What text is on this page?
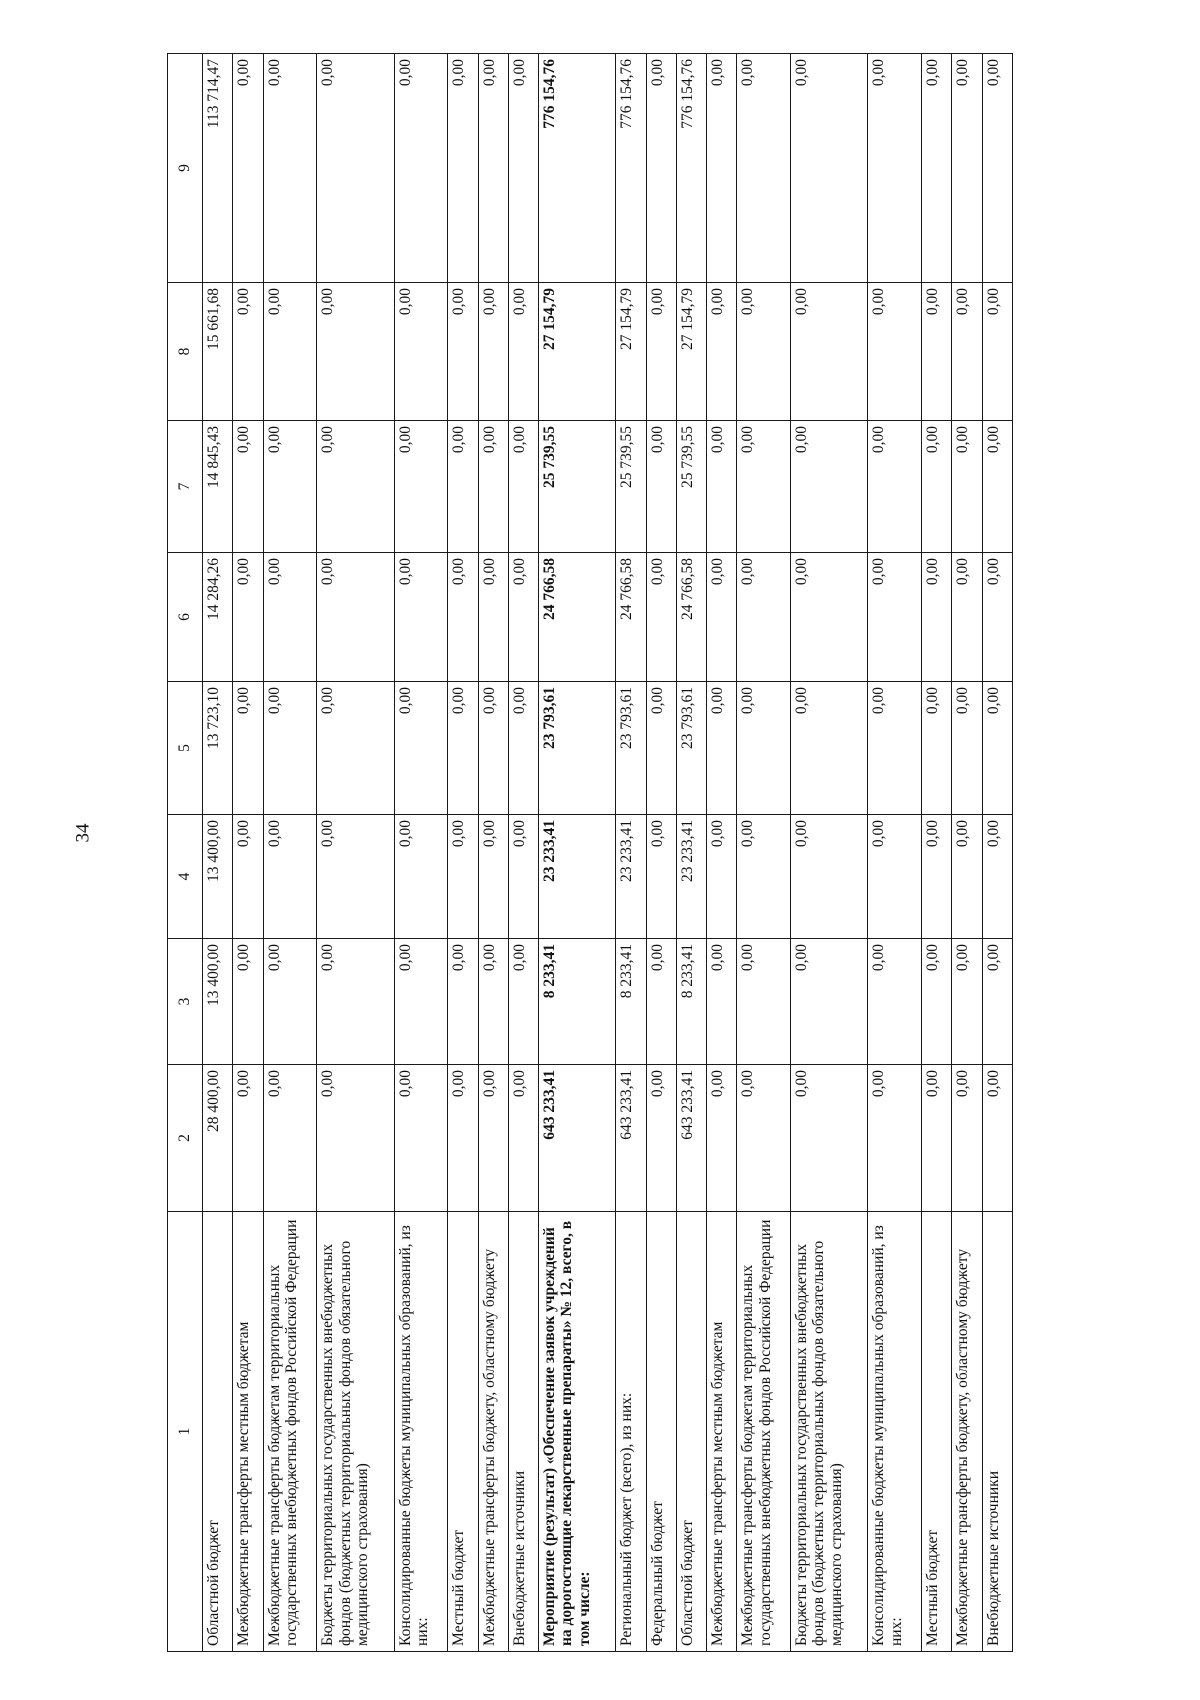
34
1	2	3	4	5	6	7	8	9
Областной бюджет	28 400,00	13 400,00	13 400,00	13 723,10	14 284,26	14 845,43	15 661,68	113 714,47
Межбюджетные трансферты местным бюджетам	0,00	0,00	0,00	0,00	0,00	0,00	0,00	0,00
Межбюджетные трансферты бюджетам территориальных государственных внебюджетных фондов Российской Федерации	0,00	0,00	0,00	0,00	0,00	0,00	0,00	0,00
Бюджеты территориальных государственных внебюджетных фондов (бюджетных территориальных фондов обязательного медицинского страхования)	0,00	0,00	0,00	0,00	0,00	0,00	0,00	0,00
Консолидированные бюджеты муниципальных образований, из них:	0,00	0,00	0,00	0,00	0,00	0,00	0,00	0,00
Местный бюджет	0,00	0,00	0,00	0,00	0,00	0,00	0,00	0,00
Межбюджетные трансферты бюджету, областному бюджету	0,00	0,00	0,00	0,00	0,00	0,00	0,00	0,00
Внебюджетные источники	0,00	0,00	0,00	0,00	0,00	0,00	0,00	0,00
Мероприятие (результат) «Обеспечение заявок учреждений на дорогостоящие лекарственные препараты» № 12, всего, в том числе:	643 233,41	8 233,41	23 233,41	23 793,61	24 766,58	25 739,55	27 154,79	776 154,76
Региональный бюджет (всего), из них:	643 233,41	8 233,41	23 233,41	23 793,61	24 766,58	25 739,55	27 154,79	776 154,76
Федеральный бюджет	0,00	0,00	0,00	0,00	0,00	0,00	0,00	0,00
Областной бюджет	643 233,41	8 233,41	23 233,41	23 793,61	24 766,58	25 739,55	27 154,79	776 154,76
Межбюджетные трансферты местным бюджетам	0,00	0,00	0,00	0,00	0,00	0,00	0,00	0,00
Межбюджетные трансферты бюджетам территориальных государственных внебюджетных фондов Российской Федерации	0,00	0,00	0,00	0,00	0,00	0,00	0,00	0,00
Бюджеты территориальных государственных внебюджетных фондов (бюджетных территориальных фондов обязательного медицинского страхования)	0,00	0,00	0,00	0,00	0,00	0,00	0,00	0,00
Консолидированные бюджеты муниципальных образований, из них:	0,00	0,00	0,00	0,00	0,00	0,00	0,00	0,00
Местный бюджет	0,00	0,00	0,00	0,00	0,00	0,00	0,00	0,00
Межбюджетные трансферты бюджету, областному бюджету	0,00	0,00	0,00	0,00	0,00	0,00	0,00	0,00
Внебюджетные источники	0,00	0,00	0,00	0,00	0,00	0,00	0,00	0,00
